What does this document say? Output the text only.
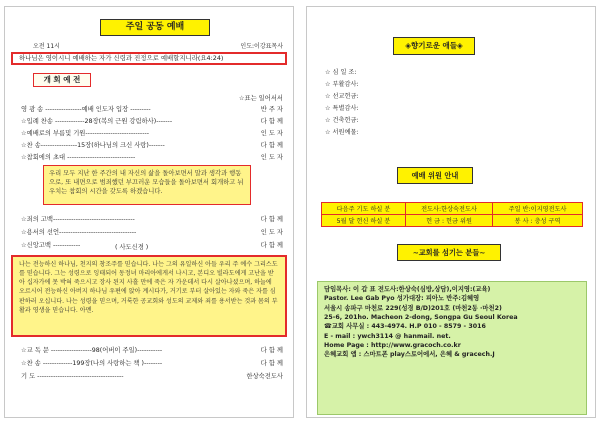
주일 공동 예배
오전 11시	인도:이강표목사
하나님은 영이시니 예배하는 자가 신령과 진정으로 예배할지니라(요4:24)
개 회 예 전
☆표는 일어서서
영 광 송 ----------------예배 인도자 입장 ---------	반 주 자
☆입례 찬송 -------------28장(복의 근원 강림하사)-------	다 함 께
☆예배로의 부름및 기원----------------------------	인 도 자
☆찬 송----------------15장(하나님의 크신 사랑)-------	다 함 께
☆참회에의 초대 ------------------------------	인 도 자
우리 모두 지난 한 주간의 내 자신의 삶을 돌아보면서 말과 생각과 행동으로, 또 내면으로 범죄했던 부끄러운 모습들을 돌아보면서 회개하고 뉘우치는 참회의 시간을 갖도록 하겠습니다.
☆죄의 고백------------------------------------	다 함 께
☆용서의 선언----------------------------------	인 도 자
☆신앙고백 ------------	다 함 께
( 사도신경 )
나는 전능하신 하나님, 천지의 창조주를 믿습니다. 나는 그의 유일하신 아들 우리 주 예수 그리스도를 믿습니다. 그는 성령으로 잉태되어 동정녀 마리아에게서 나시고, 본디오 빌라도에게 고난을 받아 십자가에 못 박혀 죽으시고 장사 된지 사흘 만에 죽은 자 가운데서 다시 살아나셨으며, 하늘에 오르시어 전능하신 아버지 하나님 우편에 앉아 계시다가, 거기로 부터 살아있는 자와 죽은 자를 심판하러 오십니다. 나는 성령을 믿으며, 거룩한 공교회와 성도의 교제와 죄를 용서받는 것과 몸의 부활과 영생을 믿습니다. 아멘.
☆교 독 문 ------------------98(어버이 주일)-----------	다 함 께
☆찬 송 -------------199장(나의 사랑하는 책 )--------	다 함 께
기 도 --------------------------------------	한상숙전도사
◈향기로운 애들◈
☆ 심 일 조:
☆ 부활감사:
☆ 선교헌금:
☆ 특별감사:
☆ 건축헌금:
☆ 서원예물:
예배 위원 안내
다음주 기도 하실 분	전도사:한상숙전도사	주일 반:이지영전도사
5월 달 헌신 하실 분	헌 금 : 헌금 위원	봉 사 : 충성 구역
~교회를 섬기는 분들~
담임목사: 이 갑 표 전도사:한상숙(심방,상담),이지영:(교육)
Pastor. Lee Gab Pyo 성가대장: 피아노 반주:김혜영
서울시 송파구 마천로 229(성경 B/D)201호 (마천2동 ·마천2)
25-6, 201ho. Macheon 2-dong, Songpa Gu Seoul Korea
☎교회 사무실 : 443-4974. H.P 010 - 8579 - 3016
E - mail : ywch3114 @ hanmail. net.
Home Page : http://www.gracoch.co.kr
은혜교회 앱 : 스마트폰 play스토어에서, 은혜 & gracech.J
